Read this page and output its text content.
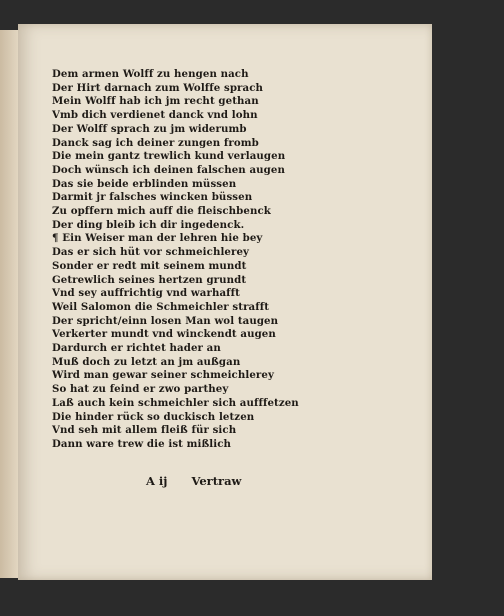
Dem armen Wolff zu hengen nach
Der Hirt darnach zum Wolffe sprach
Mein Wolff hab ich jm recht gethan
Vmb dich verdienet danck vnd lohn
Der Wolff sprach zu jm widerumb
Danck sag ich deiner zungen fromb
Die mein gantz trewlich kund verlaugen
Doch wünsch ich deinen falschen augen
Das sie beide erblinden müssen
Darmit jr falsches wincken büssen
Zu opffern mich auff die fleischbenck
Der ding bleib ich dir ingedenck.
¶ Ein Weiser man der lehren hie bey
Das er sich hüt vor schmeichlerey
Sonder er redt mit seinem mundt
Getrewlich seines hertzen grundt
Vnd sey auffrichtig vnd warhafft
Weil Salomon die Schmeichler strafft
Der spricht/einn losen Man wol taugen
Verkerter mundt vnd winckendt augen
Dardurch er richtet hader an
Muß doch zu letzt an jm außgan
Wird man gewar seiner schmeichlerey
So hat zu feind er zwo parthey
Laß auch kein schmeichler sich aufffetzen
Die hinder rück so duckisch letzen
Vnd seh mit allem fleiß für sich
Dann ware trew die ist mißlich
A ij Vertraw
